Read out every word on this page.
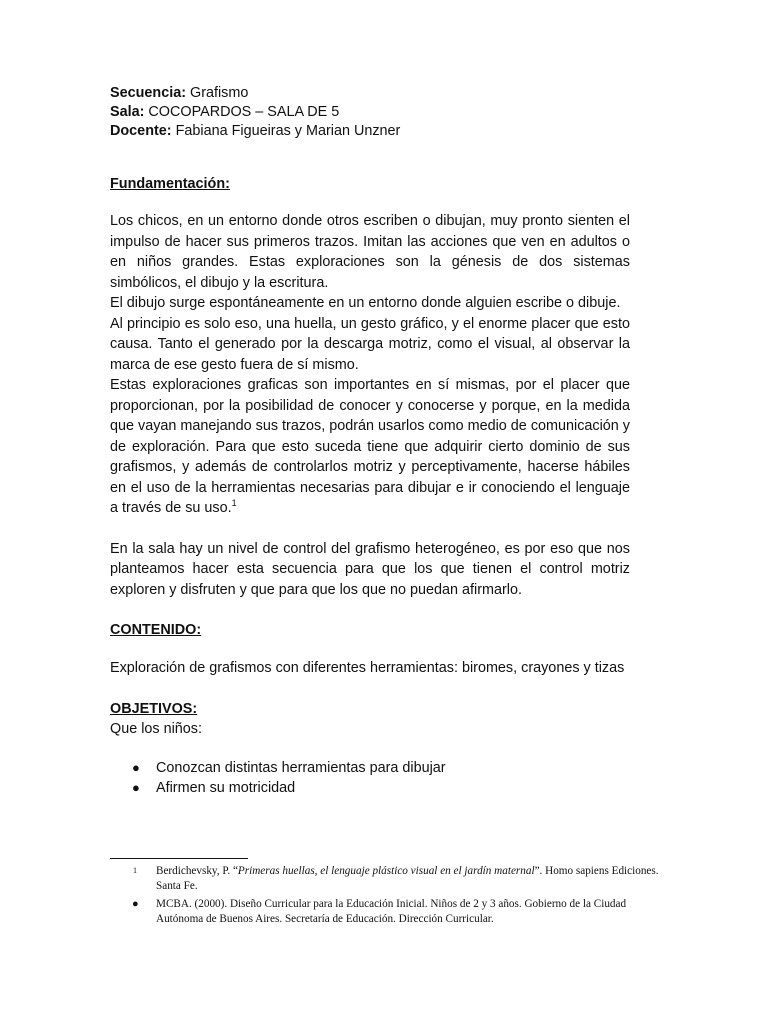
Secuencia: Grafismo

Sala: COCOPARDOS – SALA DE 5

Docente: Fabiana Figueiras y Marian Unzner

Fundamentación:

Los chicos, en un entorno donde otros escriben o dibujan, muy pronto sienten el impulso de hacer sus primeros trazos. Imitan las acciones que ven en adultos o en niños grandes. Estas exploraciones son la génesis de dos sistemas simbólicos, el dibujo y la escritura.

El dibujo surge espontáneamente en un entorno donde alguien escribe o dibuje.

Al principio es solo eso, una huella, un gesto gráfico, y el enorme placer que esto causa. Tanto el generado por la descarga motriz, como el visual, al observar la marca de ese gesto fuera de sí mismo.

Estas exploraciones graficas son importantes en sí mismas, por el placer que proporcionan, por la posibilidad de conocer y conocerse y porque, en la medida que vayan manejando sus trazos, podrán usarlos como medio de comunicación y de exploración. Para que esto suceda tiene que adquirir cierto dominio de sus grafismos, y además de controlarlos motriz y perceptivamente, hacerse hábiles en el uso de la herramientas necesarias para dibujar e ir conociendo el lenguaje a través de su uso.$^1$

En la sala hay un nivel de control del grafismo heterogéneo, es por eso que nos planteamos hacer esta secuencia para que los que tienen el control motriz exploren y disfruten y que para que los que no puedan afirmarlo.

CONTENIDO:

Exploración de grafismos con diferentes herramientas: biromes, crayones y tizas

OBJETIVOS:

Que los niños:

● Conozcan distintas herramientas para dibujar
● Afirmen su motricidad

1 Berdichevsky, P. “Primeras huellas, el lenguaje plástico visual en el jardín maternal”. Homo sapiens Ediciones. Santa Fe.

● MCBA. (2000). Diseño Curricular para la Educación Inicial. Niños de 2 y 3 años. Gobierno de la Ciudad Autónoma de Buenos Aires. Secretaría de Educación. Dirección Curricular.
